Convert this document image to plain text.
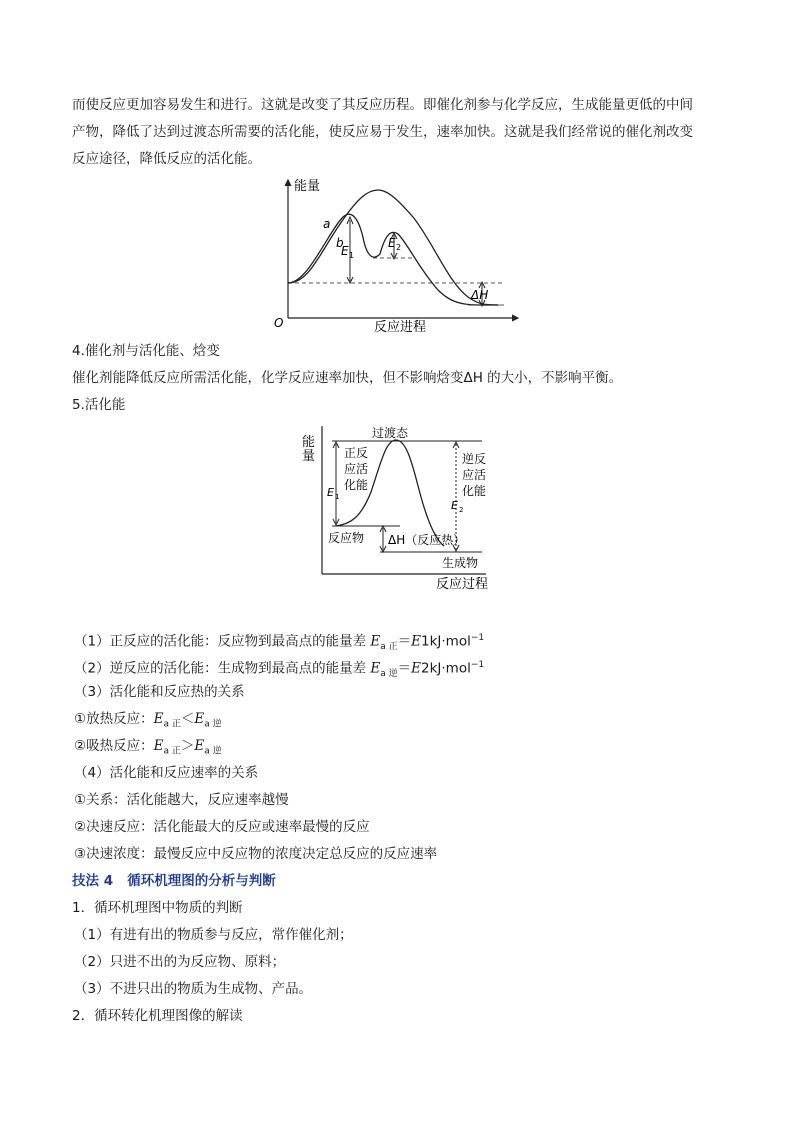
而使反应更加容易发生和进行。这就是改变了其反应历程。即催化剂参与化学反应，生成能量更低的中间
产物，降低了达到过渡态所需要的活化能，使反应易于发生，速率加快。这就是我们经常说的催化剂改变
反应途径，降低反应的活化能。
能量
O	反应进程
a
b
E 1
E 2
ΔH
4.催化剂与活化能、焓变
催化剂能降低反应所需活化能，化学反应速率加快，但不影响焓变ΔH 的大小，不影响平衡。
5.活化能
能
量
过渡态
正反
应活
化能
逆反
应活
化能
E 1
E 2
反应物 ΔH（反应热）
生成物
反应过程
（1）正反应的活化能：反应物到最高点的能量差 $E_{a 正}=E1kJ\cdot mol^{-1}$
（2）逆反应的活化能：生成物到最高点的能量差 $E_{a 逆}=E2kJ\cdot mol^{-1}$
（3）活化能和反应热的关系
①放热反应：$E_{a 正}<E_{a 逆}$
②吸热反应：$E_{a 正}>E_{a 逆}$
（4）活化能和反应速率的关系
①关系：活化能越大，反应速率越慢
②决速反应：活化能最大的反应或速率最慢的反应
③决速浓度：最慢反应中反应物的浓度决定总反应的反应速率
技法 4 循环机理图的分析与判断
1．循环机理图中物质的判断
（1）有进有出的物质参与反应，常作催化剂；
（2）只进不出的为反应物、原料；
（3）不进只出的物质为生成物、产品。
2．循环转化机理图像的解读
